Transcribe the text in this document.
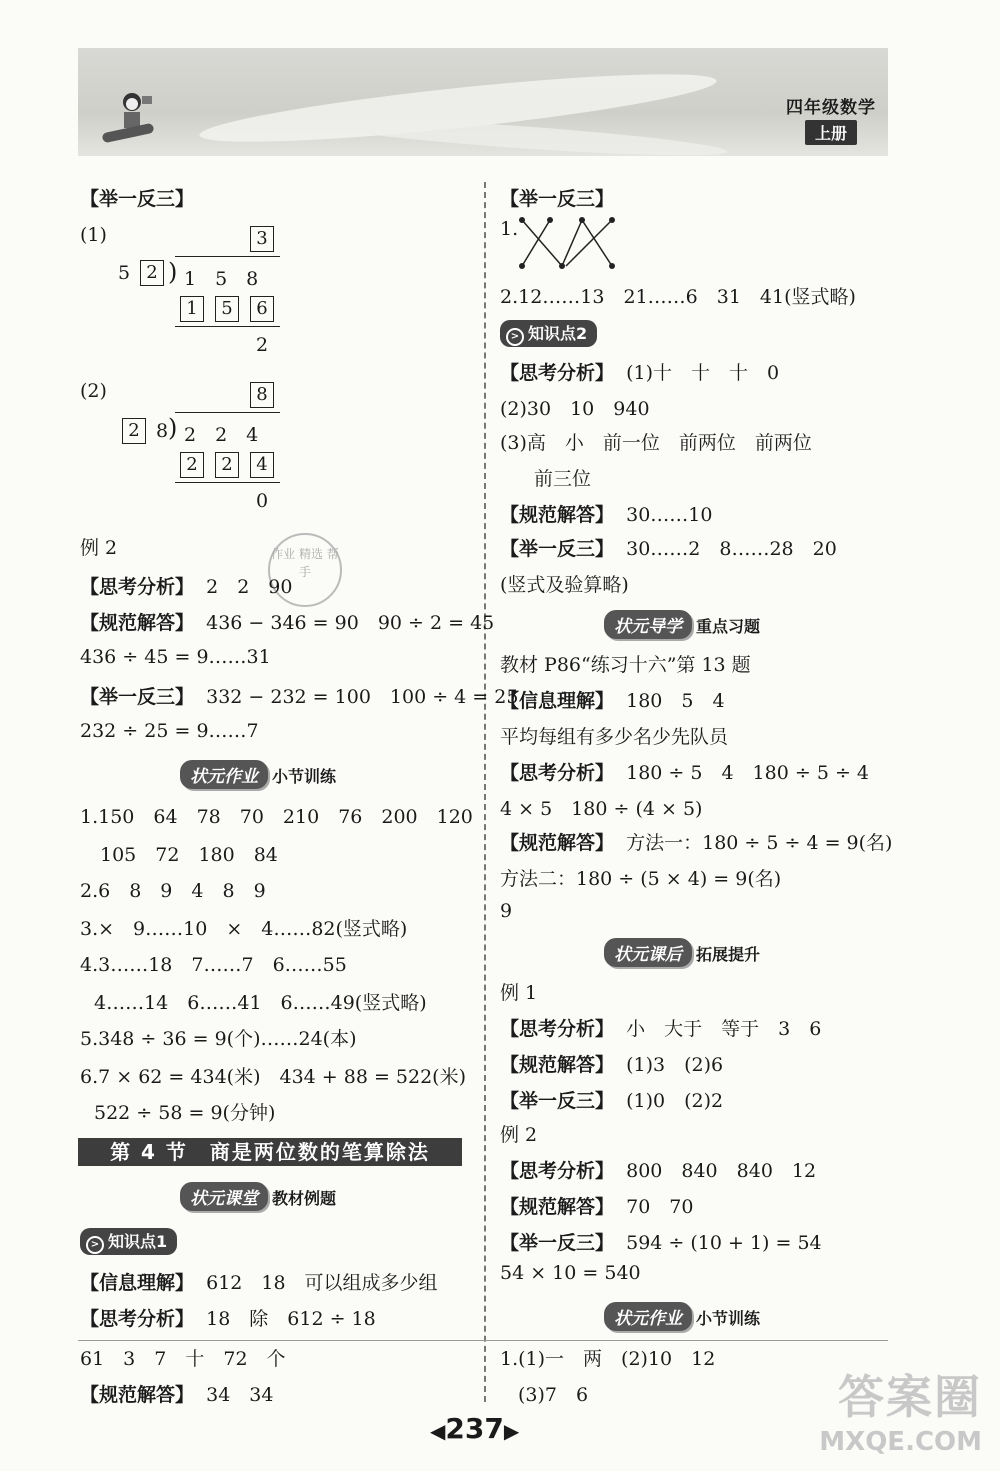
四年级数学
上册
【举一反三】
(1)	3
5 2 ) 1　5　8
1	5	6
2
(2)	8
2 8 ) 2　2　4
2	2	4
0
例 2	作业 精选 帮手
【思考分析】 2　2　90
【规范解答】 436 − 346 = 90　90 ÷ 2 = 45
436 ÷ 45 = 9……31
【举一反三】 332 − 232 = 100　100 ÷ 4 = 25
232 ÷ 25 = 9……7
状元作业 小节训练
1.150　64　78　70　210　76　200　120
105　72　180　84
2.6　8　9　4　8　9
3.×　9……10　×　4……82(竖式略)
4.3……18　7……7　6……55
4……14　6……41　6……49(竖式略)
5.348 ÷ 36 = 9(个)……24(本)
6.7 × 62 = 434(米)　434 + 88 = 522(米)
522 ÷ 58 = 9(分钟)
第 4 节　商是两位数的笔算除法
状元课堂 教材例题
> 知识点1
【信息理解】 612　18　可以组成多少组
【思考分析】 18　除　612 ÷ 18
61　3　7　十　72　个
【规范解答】 34　34
【举一反三】
1.
2.12……13　21……6　31　41(竖式略)
> 知识点2
【思考分析】 (1)十　十　十　0
(2)30　10　940
(3)高　小　前一位　前两位　前两位
前三位
【规范解答】 30……10
【举一反三】 30……2　8……28　20
(竖式及验算略)
状元导学 重点习题
教材 P86“练习十六”第 13 题
【信息理解】 180　5　4
平均每组有多少名少先队员
【思考分析】 180 ÷ 5　4　180 ÷ 5 ÷ 4
4 × 5　180 ÷ (4 × 5)
【规范解答】 方法一：180 ÷ 5 ÷ 4 = 9(名)
方法二：180 ÷ (5 × 4) = 9(名)
9
状元课后 拓展提升
例 1
【思考分析】 小　大于　等于　3　6
【规范解答】 (1)3　(2)6
【举一反三】 (1)0　(2)2
例 2
【思考分析】 800　840　840　12
【规范解答】 70　70
【举一反三】 594 ÷ (10 + 1) = 54
54 × 10 = 540
状元作业 小节训练
1.(1)一　两　(2)10　12
(3)7　6
◀237▶
答案圈
MXQE.COM
